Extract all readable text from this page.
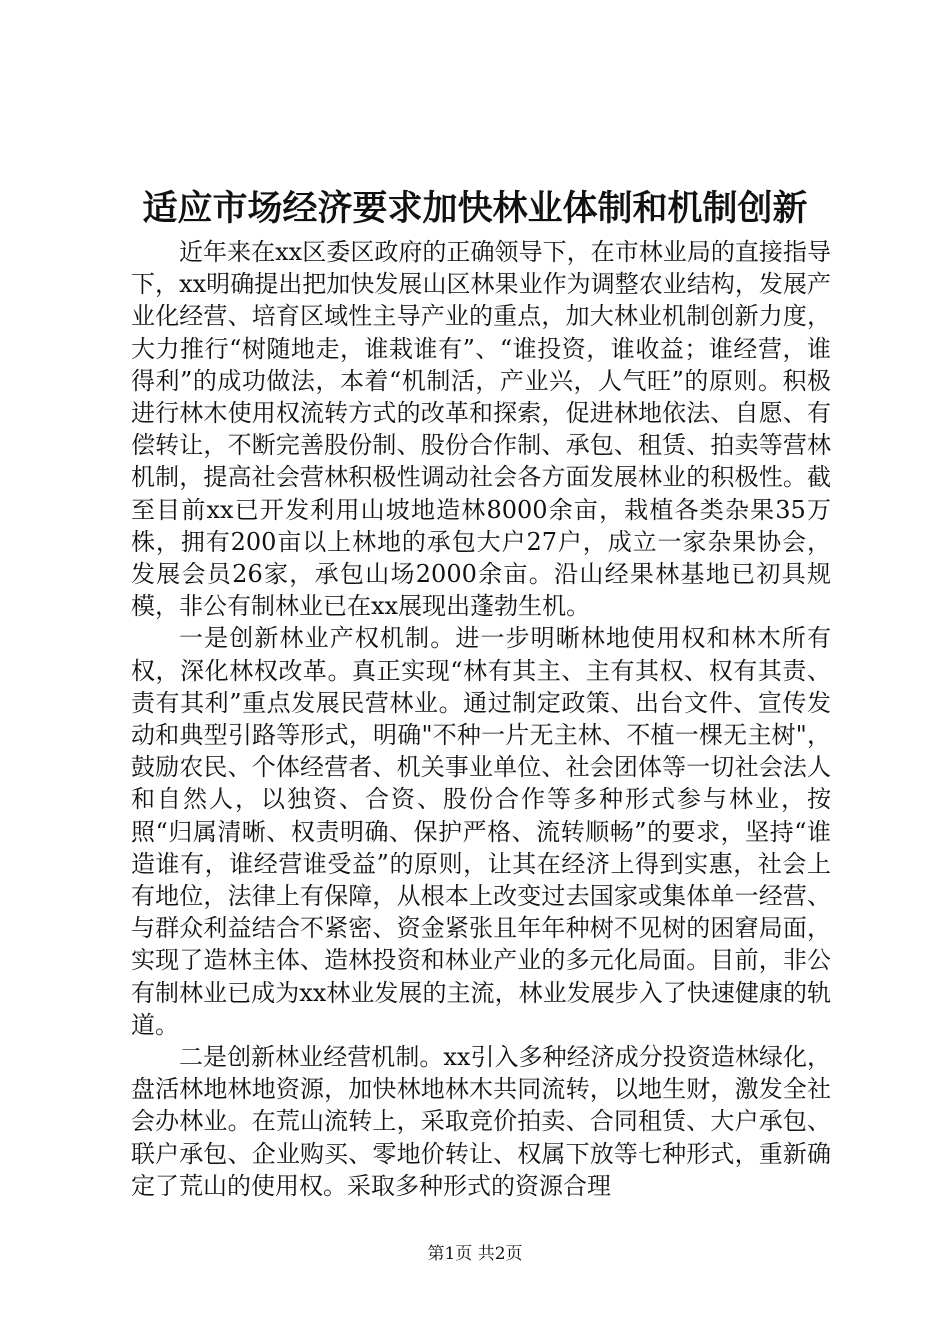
适应市场经济要求加快林业体制和机制创新

近年来在xx区委区政府的正确领导下，在市林业局的直接指导下，xx明确提出把加快发展山区林果业作为调整农业结构，发展产业化经营、培育区域性主导产业的重点，加大林业机制创新力度，大力推行“树随地走，谁栽谁有”、“谁投资，谁收益；谁经营，谁得利”的成功做法，本着“机制活，产业兴，人气旺”的原则。积极进行林木使用权流转方式的改革和探索，促进林地依法、自愿、有偿转让，不断完善股份制、股份合作制、承包、租赁、拍卖等营林机制，提高社会营林积极性调动社会各方面发展林业的积极性。截至目前xx已开发利用山坡地造林8000余亩，栽植各类杂果35万株，拥有200亩以上林地的承包大户27户，成立一家杂果协会，发展会员26家，承包山场2000余亩。沿山经果林基地已初具规模，非公有制林业已在xx展现出蓬勃生机。

一是创新林业产权机制。进一步明晰林地使用权和林木所有权，深化林权改革。真正实现“林有其主、主有其权、权有其责、责有其利”重点发展民营林业。通过制定政策、出台文件、宣传发动和典型引路等形式，明确"不种一片无主林、不植一棵无主树"，鼓励农民、个体经营者、机关事业单位、社会团体等一切社会法人和自然人，以独资、合资、股份合作等多种形式参与林业，按照“归属清晰、权责明确、保护严格、流转顺畅”的要求，坚持“谁造谁有，谁经营谁受益”的原则，让其在经济上得到实惠，社会上有地位，法律上有保障，从根本上改变过去国家或集体单一经营、与群众利益结合不紧密、资金紧张且年年种树不见树的困窘局面，实现了造林主体、造林投资和林业产业的多元化局面。目前，非公有制林业已成为xx林业发展的主流，林业发展步入了快速健康的轨道。

二是创新林业经营机制。xx引入多种经济成分投资造林绿化，盘活林地林地资源，加快林地林木共同流转，以地生财，激发全社会办林业。在荒山流转上，采取竞价拍卖、合同租赁、大户承包、联户承包、企业购买、零地价转让、权属下放等七种形式，重新确定了荒山的使用权。采取多种形式的资源合理

第1页 共2页
